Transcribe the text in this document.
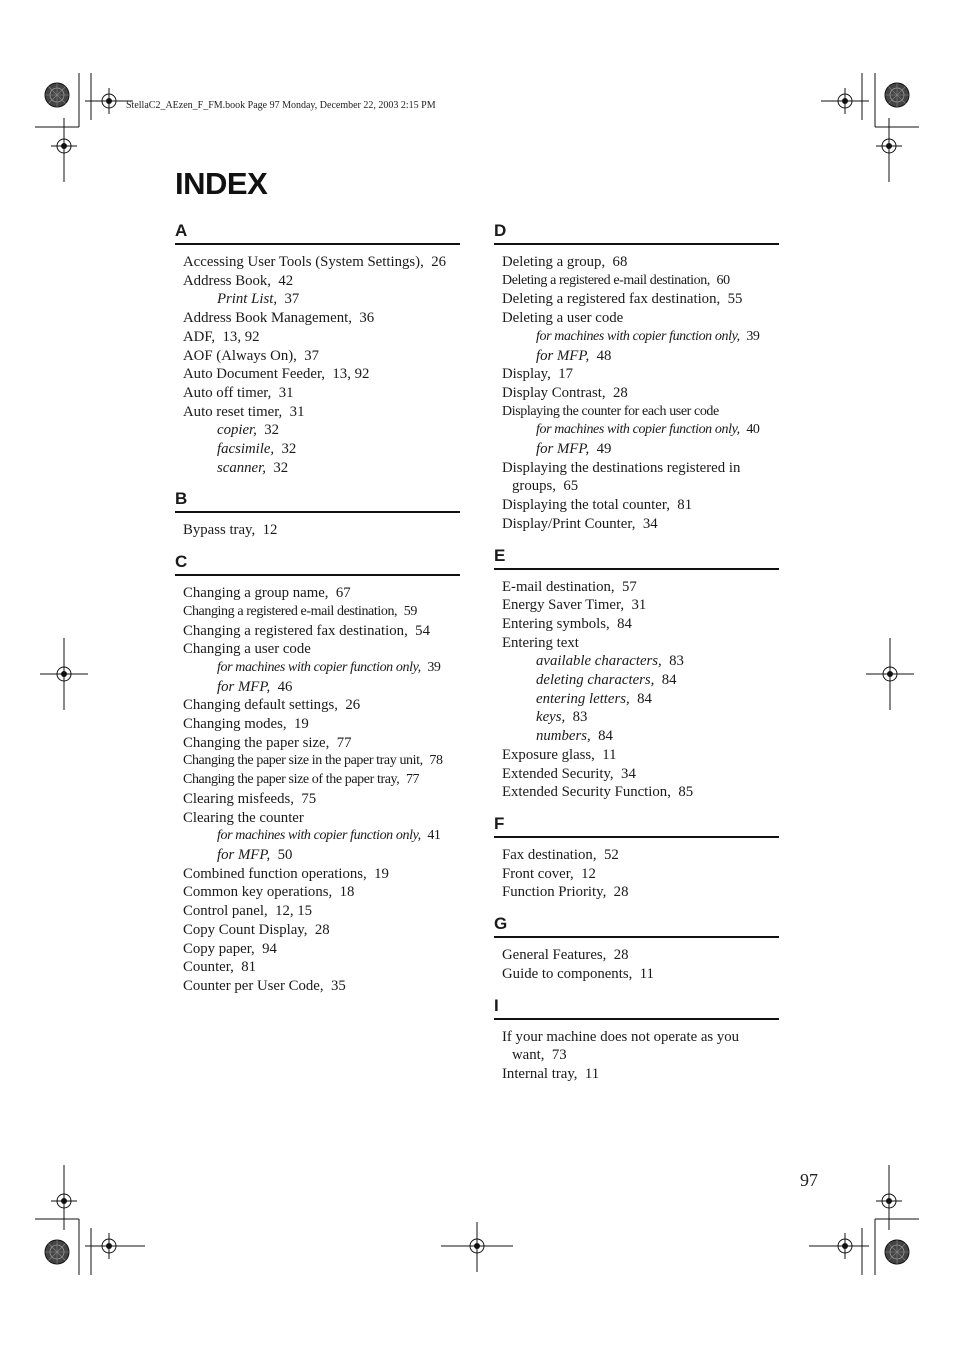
StellaC2_AEzen_F_FM.book Page 97 Monday, December 22, 2003 2:15 PM
INDEX
A
Accessing User Tools (System Settings),  26
Address Book,  42
Print List,  37
Address Book Management,  36
ADF,  13, 92
AOF (Always On),  37
Auto Document Feeder,  13, 92
Auto off timer,  31
Auto reset timer,  31
copier,  32
facsimile,  32
scanner,  32
B
Bypass tray,  12
C
Changing a group name,  67
Changing a registered e-mail destination,  59
Changing a registered fax destination,  54
Changing a user code
for machines with copier function only,  39
for MFP,  46
Changing default settings,  26
Changing modes,  19
Changing the paper size,  77
Changing the paper size in the paper tray unit,  78
Changing the paper size of the paper tray,  77
Clearing misfeeds,  75
Clearing the counter
for machines with copier function only,  41
for MFP,  50
Combined function operations,  19
Common key operations,  18
Control panel,  12, 15
Copy Count Display,  28
Copy paper,  94
Counter,  81
Counter per User Code,  35
D
Deleting a group,  68
Deleting a registered e-mail destination,  60
Deleting a registered fax destination,  55
Deleting a user code
for machines with copier function only,  39
for MFP,  48
Display,  17
Display Contrast,  28
Displaying the counter for each user code
for machines with copier function only,  40
for MFP,  49
Displaying the destinations registered in groups,  65
Displaying the total counter,  81
Display/Print Counter,  34
E
E-mail destination,  57
Energy Saver Timer,  31
Entering symbols,  84
Entering text
available characters,  83
deleting characters,  84
entering letters,  84
keys,  83
numbers,  84
Exposure glass,  11
Extended Security,  34
Extended Security Function,  85
F
Fax destination,  52
Front cover,  12
Function Priority,  28
G
General Features,  28
Guide to components,  11
I
If your machine does not operate as you want,  73
Internal tray,  11
97
